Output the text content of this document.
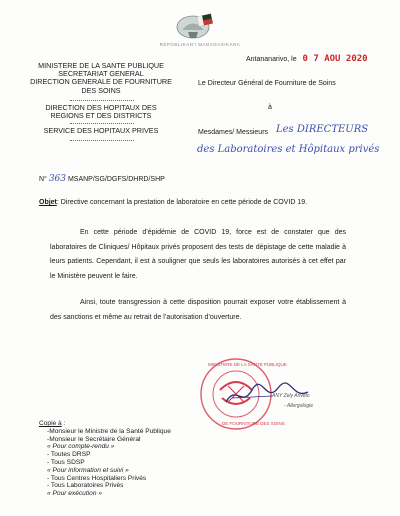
REPOBLIKAN'I MADAGASIKARA
Antananarivo, le 0 7 AOU 2020
MINISTERE DE LA SANTE PUBLIQUE
SECRETARIAT GENERAL
DIRECTION GENERALE DE FOURNITURE
DES SOINS
DIRECTION DES HOPITAUX DES
REGIONS ET DES DISTRICTS
SERVICE DES HOPITAUX PRIVES
Le Directeur Général de Fourniture de Soins
à
Mesdames/ Messieurs Les DIRECTEURS
des Laboratoires et Hôpitaux privés
N° 363 MSANP/SG/DGFS/DHRD/SHP
Objet: Directive concernant la prestation de laboratoire en cette période de COVID 19.
En cette période d’épidémie de COVID 19, force est de constater que des laboratoires de Cliniques/ Hôpitaux privés proposent des tests de dépistage de cette maladie à leurs patients. Cependant, il est à souligner que seuls les laboratoires autorisés à cet effet par le Ministère peuvent le faire.
Ainsi, toute transgression à cette disposition pourrait exposer votre établissement à des sanctions et même au retrait de l’autorisation d’ouverture.
MINISTERE DE LA SANTE PUBLIQUE
DE FOURNITURE DES SOINS
ANY Zely Arivelo
- Allergologie
Copie à :
-Monsieur le Ministre de la Santé Publique
-Monsieur le Secrétaire Général
« Pour compte-rendu »
- Toutes DRSP
- Tous SDSP
« Pour information et suivi »
- Tous Centres Hospitaliers Privés
- Tous Laboratoires Privés
« Pour exécution »
